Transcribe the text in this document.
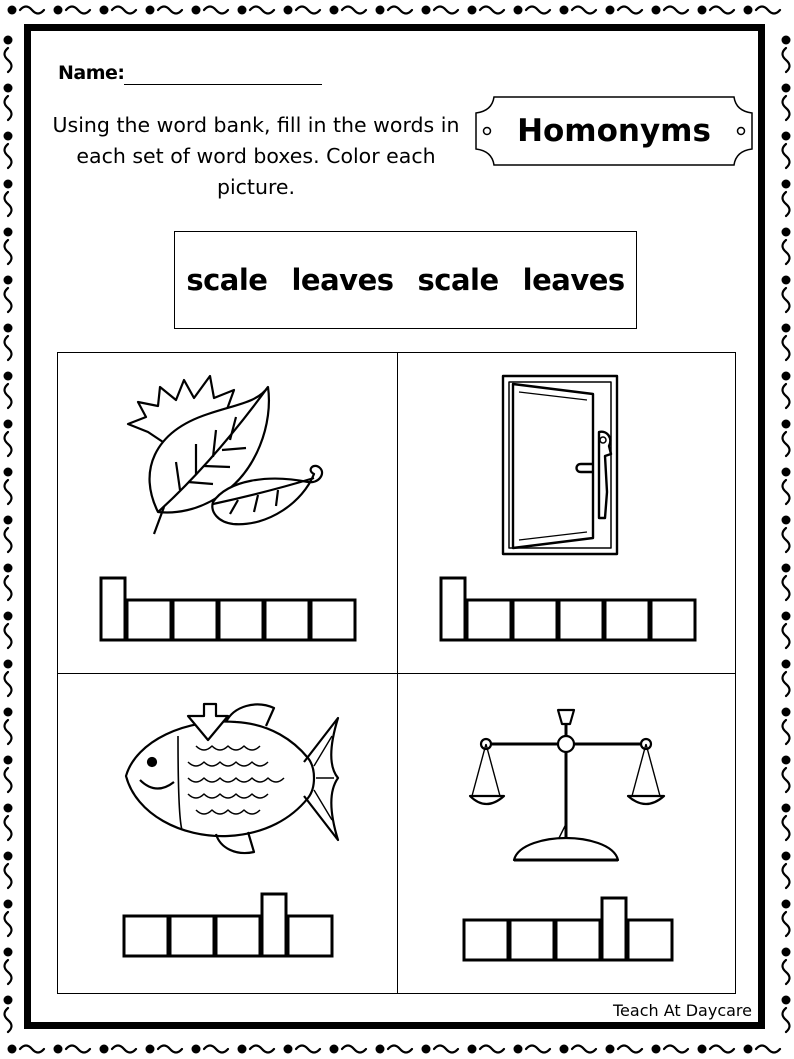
Name:
Using the word bank, fill in the words in each set of word boxes. Color each picture.
Homonyms
scale leaves scale leaves
Teach At Daycare
